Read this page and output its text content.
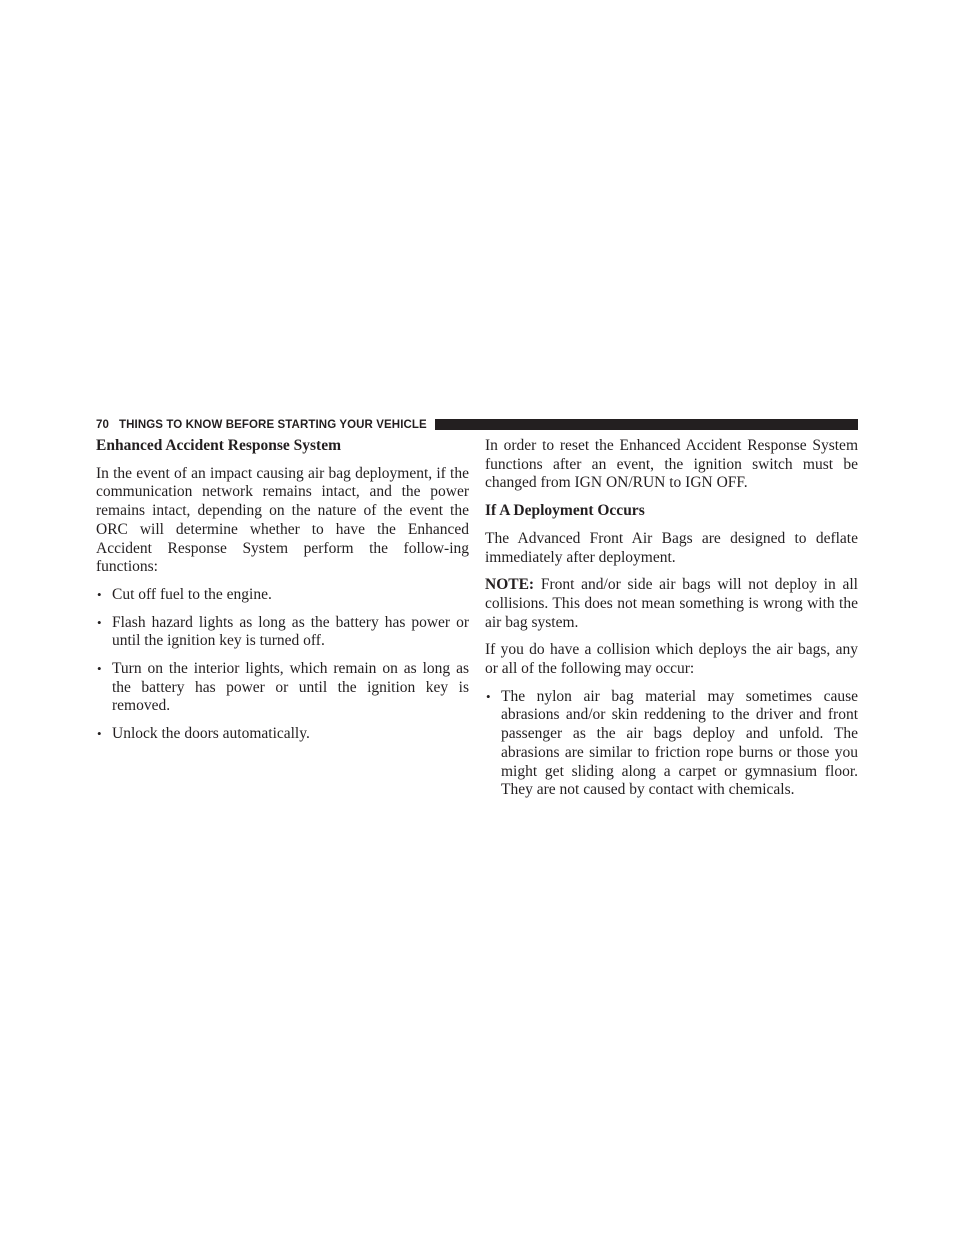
70 THINGS TO KNOW BEFORE STARTING YOUR VEHICLE
Enhanced Accident Response System

In the event of an impact causing air bag deployment, if the communication network remains intact, and the power remains intact, depending on the nature of the event the ORC will determine whether to have the Enhanced Accident Response System perform the follow-ing functions:

• Cut off fuel to the engine.
• Flash hazard lights as long as the battery has power or until the ignition key is turned off.
• Turn on the interior lights, which remain on as long as the battery has power or until the ignition key is removed.
• Unlock the doors automatically.

In order to reset the Enhanced Accident Response System functions after an event, the ignition switch must be changed from IGN ON/RUN to IGN OFF.

If A Deployment Occurs

The Advanced Front Air Bags are designed to deflate immediately after deployment.

NOTE: Front and/or side air bags will not deploy in all collisions. This does not mean something is wrong with the air bag system.

If you do have a collision which deploys the air bags, any or all of the following may occur:

• The nylon air bag material may sometimes cause abrasions and/or skin reddening to the driver and front passenger as the air bags deploy and unfold. The abrasions are similar to friction rope burns or those you might get sliding along a carpet or gymnasium floor. They are not caused by contact with chemicals.
